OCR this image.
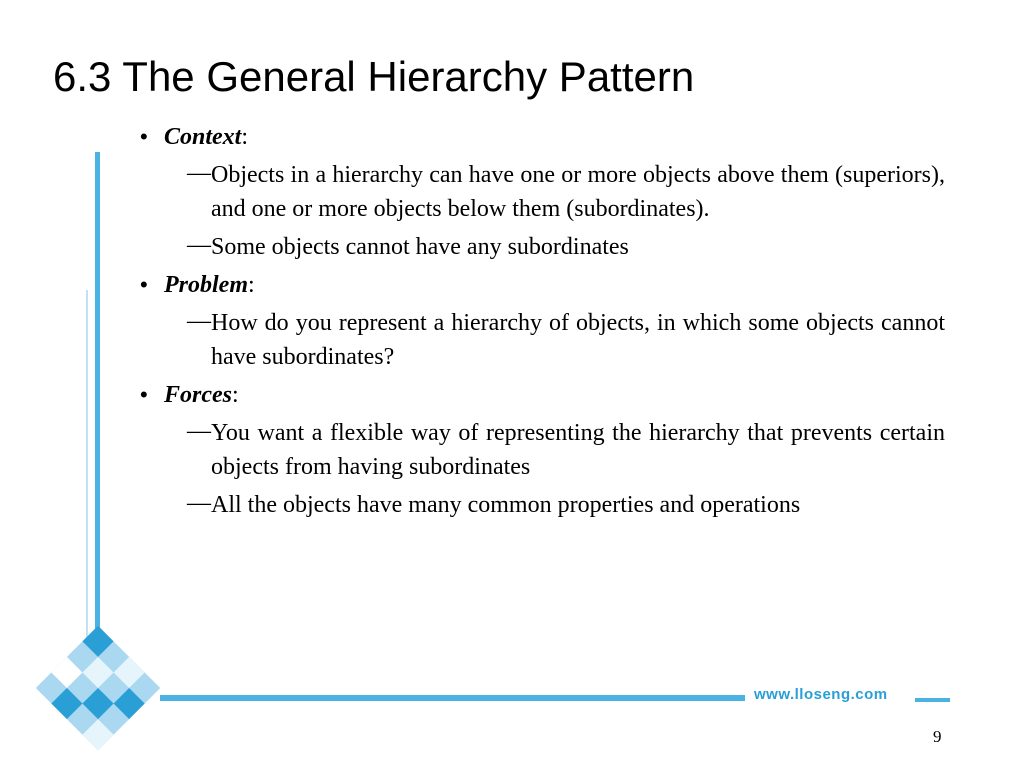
6.3 The General Hierarchy Pattern
• Context:
— Objects in a hierarchy can have one or more objects above them (superiors), and one or more objects below them (subordinates).
— Some objects cannot have any subordinates
• Problem:
— How do you represent a hierarchy of objects, in which some objects cannot have subordinates?
• Forces:
— You want a flexible way of representing the hierarchy that prevents certain objects from having subordinates
— All the objects have many common properties and operations
www.lloseng.com
9
